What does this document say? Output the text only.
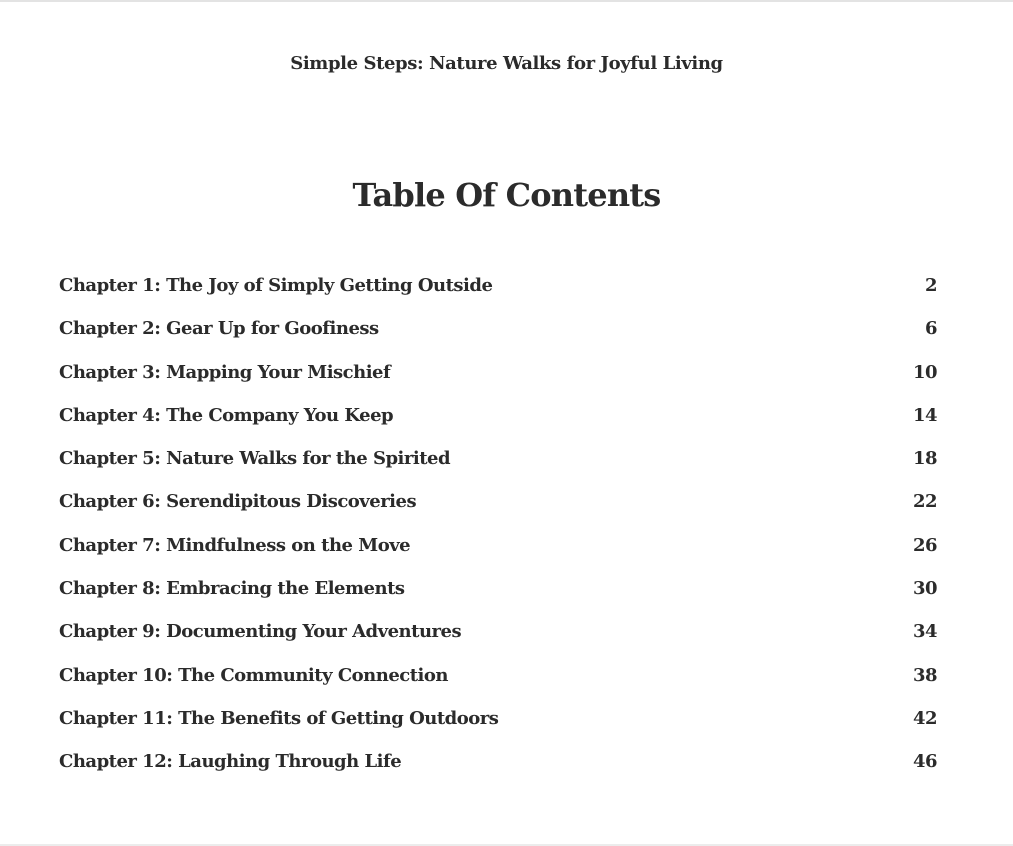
Simple Steps: Nature Walks for Joyful Living
Table Of Contents
Chapter 1: The Joy of Simply Getting Outside	2
Chapter 2: Gear Up for Goofiness	6
Chapter 3: Mapping Your Mischief	10
Chapter 4: The Company You Keep	14
Chapter 5: Nature Walks for the Spirited	18
Chapter 6: Serendipitous Discoveries	22
Chapter 7: Mindfulness on the Move	26
Chapter 8: Embracing the Elements	30
Chapter 9: Documenting Your Adventures	34
Chapter 10: The Community Connection	38
Chapter 11: The Benefits of Getting Outdoors	42
Chapter 12: Laughing Through Life	46
